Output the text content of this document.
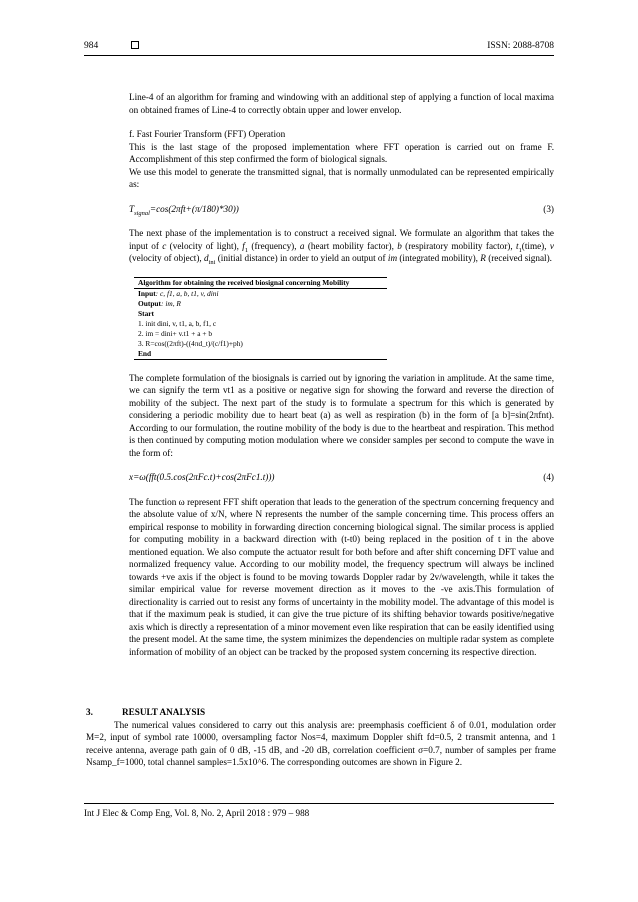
984	ISSN: 2088-8708

Line-4 of an algorithm for framing and windowing with an additional step of applying a function of local maxima on obtained frames of Line-4 to correctly obtain upper and lower envelop.

f. Fast Fourier Transform (FFT) Operation

This is the last stage of the proposed implementation where FFT operation is carried out on frame F. Accomplishment of this step confirmed the form of biological signals.

We use this model to generate the transmitted signal, that is normally unmodulated can be represented empirically as:

$T_{signal}=\cos(2\pi ft+(\pi/180)*30)$)	(3)

The next phase of the implementation is to construct a received signal. We formulate an algorithm that takes the input of c (velocity of light), $f_1$ (frequency), a (heart mobility factor), b (respiratory mobility factor), $t_1(time)$, v (velocity of object), $d_{ini}$ (initial distance) in order to yield an output of im (integrated mobility), R (received signal).

Algorithm for obtaining the received biosignal concerning Mobility
Input: c, f1, a, b, t1, v, dini
Output: im, R
Start
1. init dini, v, t1, a, b, f1, c
2. im = dini+ v.t1 + a + b
3. R=cos((2πft)-((4πd_t)/(c/f1)+ph)
End

The complete formulation of the biosignals is carried out by ignoring the variation in amplitude. At the same time, we can signify the term vt1 as a positive or negative sign for showing the forward and reverse the direction of mobility of the subject. The next part of the study is to formulate a spectrum for this which is generated by considering a periodic mobility due to heart beat (a) as well as respiration (b) in the form of [a b]=sin(2πfnt). According to our formulation, the routine mobility of the body is due to the heartbeat and respiration. This method is then continued by computing motion modulation where we consider samples per second to compute the wave in the form of:

x=ω(fft(0.5.cos(2πFc.t)+cos(2πFc1.t)))	(4)

The function ω represent FFT shift operation that leads to the generation of the spectrum concerning frequency and the absolute value of x/N, where N represents the number of the sample concerning time. This process offers an empirical response to mobility in forwarding direction concerning biological signal. The similar process is applied for computing mobility in a backward direction with (t-t0) being replaced in the position of t in the above mentioned equation. We also compute the actuator result for both before and after shift concerning DFT value and normalized frequency value. According to our mobility model, the frequency spectrum will always be inclined towards +ve axis if the object is found to be moving towards Doppler radar by 2v/wavelength, while it takes the similar empirical value for reverse movement direction as it moves to the -ve axis.This formulation of directionality is carried out to resist any forms of uncertainty in the mobility model. The advantage of this model is that if the maximum peak is studied, it can give the true picture of its shifting behavior towards positive/negative axis which is directly a representation of a minor movement even like respiration that can be easily identified using the present model. At the same time, the system minimizes the dependencies on multiple radar system as complete information of mobility of an object can be tracked by the proposed system concerning its respective direction.

3.	RESULT ANALYSIS

The numerical values considered to carry out this analysis are: preemphasis coefficient δ of 0.01, modulation order M=2, input of symbol rate 10000, oversampling factor Nos=4, maximum Doppler shift fd=0.5, 2 transmit antenna, and 1 receive antenna, average path gain of 0 dB, -15 dB, and -20 dB, correlation coefficient σ=0.7, number of samples per frame Nsamp_f=1000, total channel samples=1.5x10^6. The corresponding outcomes are shown in Figure 2.

Int J Elec & Comp Eng, Vol. 8, No. 2, April 2018 : 979 – 988
